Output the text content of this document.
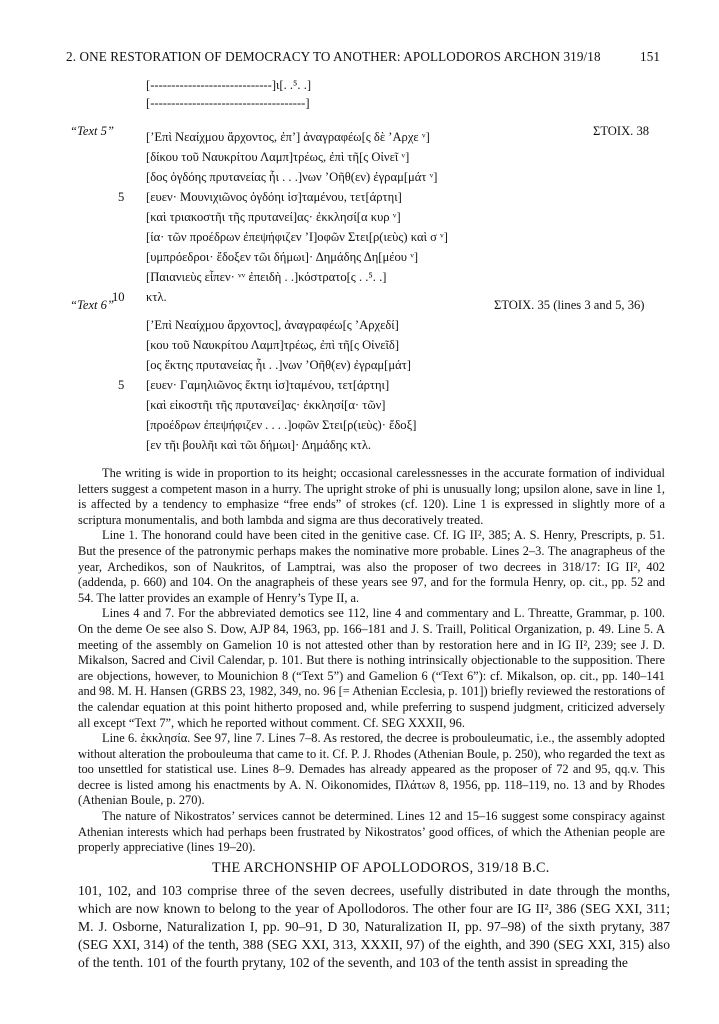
2. ONE RESTORATION OF DEMOCRACY TO ANOTHER: APOLLODOROS ARCHON 319/18	151
[-----------------------------]ι[. .⁵. .]
[-------------------------------------]
“Text 5”	ΣΤΟΙΧ. 38
[’Επὶ Νεαίχμου ἄρχοντος, ἐπ’] ἀναγραφέω[ς δὲ ’Αρχε ᵛ]
[δίκου τοῦ Ναυκρίτου Λαμπ]τρέως, ἐπὶ τῆ[ς Οἰνεῖ ᵛ]
[δος ὀγδόης πρυτανείας ἧι . . .]νων ’Οῆθ(εν) ἐγραμ[μάτ ᵛ]
[ευεν· Μουνιχιῶνος ὀγδόηι ἱσ]ταμένου, τετ[άρτηι]
[καὶ τριακοστῆι τῆς πρυτανεί]ας· ἐκκλησί[α κυρ ᵛ]
[ία· τῶν προέδρων ἐπεψήφιζεν ’Ι]οφῶν Στει[ρ(ιεὺς) καὶ σ ᵛ]
[υμπρόεδροι· ἔδοξεν τῶι δήμωι]· Δημάδης Δη[μέου ᵛ]
[Παιανιεὺς εἶπεν· ᵛᵛ ἐπειδὴ . .]κόστρατο[ς . .⁵. .]
κτλ.
5
10
“Text 6”	ΣΤΟΙΧ. 35 (lines 3 and 5, 36)
[’Επὶ Νεαίχμου ἄρχοντος], ἀναγραφέω[ς ’Αρχεδί]
[κου τοῦ Ναυκρίτου Λαμπ]τρέως, ἐπὶ τῆ[ς Οἰνεῖδ]
[ος ἕκτης πρυτανείας ἧι . .]νων ’Οῆθ(εν) ἐγραμ[μάτ]
[ευεν· Γαμηλιῶνος ἕκτηι ἱσ]ταμένου, τετ[άρτηι]
[καὶ εἰκοστῆι τῆς πρυτανεί]ας· ἐκκλησί[α· τῶν]
[προέδρων ἐπεψήφιζεν . . . .]οφῶν Στει[ρ(ιεὺς)· ἔδοξ]
[εν τῆι βουλῆι καὶ τῶι δήμωι]· Δημάδης κτλ.
5

The writing is wide in proportion to its height; occasional carelessnesses in the accurate formation of individual letters suggest a competent mason in a hurry. The upright stroke of phi is unusually long; upsilon alone, save in line 1, is affected by a tendency to emphasize “free ends” of strokes (cf. 120). Line 1 is expressed in slightly more of a scriptura monumentalis, and both lambda and sigma are thus decoratively treated.

Line 1. The honorand could have been cited in the genitive case. Cf. IG II², 385; A. S. Henry, Prescripts, p. 51. But the presence of the patronymic perhaps makes the nominative more probable. Lines 2–3. The anagrapheus of the year, Archedikos, son of Naukritos, of Lamptrai, was also the proposer of two decrees in 318/17: IG II², 402 (addenda, p. 660) and 104. On the anagrapheis of these years see 97, and for the formula Henry, op. cit., pp. 52 and 54. The latter provides an example of Henry’s Type II, a.

Lines 4 and 7. For the abbreviated demotics see 112, line 4 and commentary and L. Threatte, Grammar, p. 100. On the deme Oe see also S. Dow, AJP 84, 1963, pp. 166–181 and J. S. Traill, Political Organization, p. 49. Line 5. A meeting of the assembly on Gamelion 10 is not attested other than by restoration here and in IG II², 239; see J. D. Mikalson, Sacred and Civil Calendar, p. 101. But there is nothing intrinsically objectionable to the supposition. There are objections, however, to Mounichion 8 (“Text 5”) and Gamelion 6 (“Text 6”): cf. Mikalson, op. cit., pp. 140–141 and 98. M. H. Hansen (GRBS 23, 1982, 349, no. 96 [= Athenian Ecclesia, p. 101]) briefly reviewed the restorations of the calendar equation at this point hitherto proposed and, while preferring to suspend judgment, criticized adversely all except “Text 7”, which he reported without comment. Cf. SEG XXXII, 96.

Line 6. ἐκκλησία. See 97, line 7. Lines 7–8. As restored, the decree is probouleumatic, i.e., the assembly adopted without alteration the probouleuma that came to it. Cf. P. J. Rhodes (Athenian Boule, p. 250), who regarded the text as too unsettled for statistical use. Lines 8–9. Demades has already appeared as the proposer of 72 and 95, qq.v. This decree is listed among his enactments by A. N. Oikonomides, Πλάτων 8, 1956, pp. 118–119, no. 13 and by Rhodes (Athenian Boule, p. 270).

The nature of Nikostratos’ services cannot be determined. Lines 12 and 15–16 suggest some conspiracy against Athenian interests which had perhaps been frustrated by Nikostratos’ good offices, of which the Athenian people are properly appreciative (lines 19–20).

THE ARCHONSHIP OF APOLLODOROS, 319/18 B.C.

101, 102, and 103 comprise three of the seven decrees, usefully distributed in date through the months, which are now known to belong to the year of Apollodoros. The other four are IG II², 386 (SEG XXI, 311; M. J. Osborne, Naturalization I, pp. 90–91, D 30, Naturalization II, pp. 97–98) of the sixth prytany, 387 (SEG XXI, 314) of the tenth, 388 (SEG XXI, 313, XXXII, 97) of the eighth, and 390 (SEG XXI, 315) also of the tenth. 101 of the fourth prytany, 102 of the seventh, and 103 of the tenth assist in spreading the
